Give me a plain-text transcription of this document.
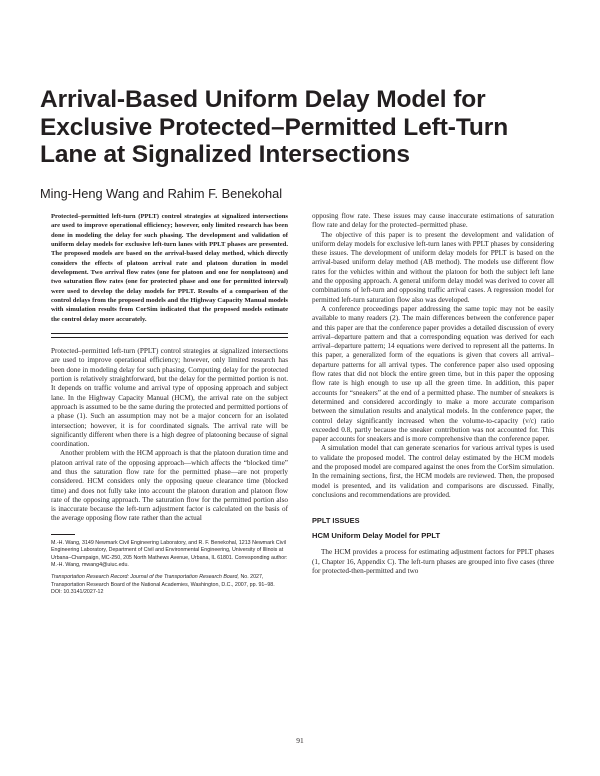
Arrival-Based Uniform Delay Model for
Exclusive Protected–Permitted Left-Turn
Lane at Signalized Intersections

Ming-Heng Wang and Rahim F. Benekohal

Protected–permitted left-turn (PPLT) control strategies at signalized intersections are used to improve operational efficiency; however, only limited research has been done in modeling the delay for such phasing. The development and validation of uniform delay models for exclusive left-turn lanes with PPLT phases are presented. The proposed models are based on the arrival-based delay method, which directly considers the effects of platoon arrival rate and platoon duration in model development. Two arrival flow rates (one for platoon and one for nonplatoon) and two saturation flow rates (one for protected phase and one for permitted interval) were used to develop the delay models for PPLT. Results of a comparison of the control delays from the proposed models and the Highway Capacity Manual models with simulation results from CorSim indicated that the proposed models estimate the control delay more accurately.

Protected–permitted left-turn (PPLT) control strategies at signalized intersections are used to improve operational efficiency; however, only limited research has been done in modeling delay for such phasing. Computing delay for the protected portion is relatively straightforward, but the delay for the permitted portion is not. It depends on traffic volume and arrival type of opposing approach and subject lane. In the Highway Capacity Manual (HCM), the arrival rate on the subject approach is assumed to be the same during the protected and permitted portions of a phase (1). Such an assumption may not be a major concern for an isolated intersection; however, it is for coordinated signals. The arrival rate will be significantly different when there is a high degree of platooning because of signal coordination.

Another problem with the HCM approach is that the platoon duration time and platoon arrival rate of the opposing approach—which affects the “blocked time” and thus the saturation flow rate for the permitted phase—are not properly considered. HCM considers only the opposing queue clearance time (blocked time) and does not fully take into account the platoon duration and platoon flow rate of the opposing approach. The saturation flow for the permitted portion also is inaccurate because the left-turn adjustment factor is calculated on the basis of the average opposing flow rate rather than the actual

M.-H. Wang, 3149 Newmark Civil Engineering Laboratory, and R. F. Benekohal, 1213 Newmark Civil Engineering Laboratory, Department of Civil and Environmental Engineering, University of Illinois at Urbana–Champaign, MC-250, 205 North Mathews Avenue, Urbana, IL 61801. Corresponding author: M.-H. Wang, mwang4@uiuc.edu.

Transportation Research Record: Journal of the Transportation Research Board, No. 2027, Transportation Research Board of the National Academies, Washington, D.C., 2007, pp. 91–98.

DOI: 10.3141/2027-12

opposing flow rate. These issues may cause inaccurate estimations of saturation flow rate and delay for the protected–permitted phase.

The objective of this paper is to present the development and validation of uniform delay models for exclusive left-turn lanes with PPLT phases by considering these issues. The development of uniform delay models for PPLT is based on the arrival-based uniform delay method (AB method). The models use different flow rates for the vehicles within and without the platoon for both the subject left lane and the opposing approach. A general uniform delay model was derived to cover all combinations of left-turn and opposing traffic arrival cases. A regression model for permitted left-turn saturation flow also was developed.

A conference proceedings paper addressing the same topic may not be easily available to many readers (2). The main differences between the conference paper and this paper are that the conference paper provides a detailed discussion of every arrival–departure pattern and that a corresponding equation was derived for each arrival–departure pattern; 14 equations were derived to represent all the patterns. In this paper, a generalized form of the equations is given that covers all arrival–departure patterns for all arrival types. The conference paper also used opposing flow rates that did not block the entire green time, but in this paper the opposing flow rate is high enough to use up all the green time. In addition, this paper accounts for “sneakers” at the end of a permitted phase. The number of sneakers is determined and considered accordingly to make a more accurate comparison between the simulation results and analytical models. In the conference paper, the control delay significantly increased when the volume-to-capacity (v/c) ratio exceeded 0.8, partly because the sneaker contribution was not accounted for. This paper accounts for sneakers and is more comprehensive than the conference paper.

A simulation model that can generate scenarios for various arrival types is used to validate the proposed model. The control delay estimated by the HCM models and the proposed model are compared against the ones from the CorSim simulation. In the remaining sections, first, the HCM models are reviewed. Then, the proposed model is presented, and its validation and comparisons are discussed. Finally, conclusions and recommendations are provided.

PPLT ISSUES

HCM Uniform Delay Model for PPLT

The HCM provides a process for estimating adjustment factors for PPLT phases (1, Chapter 16, Appendix C). The left-turn phases are grouped into five cases (three for protected-then-permitted and two

91
